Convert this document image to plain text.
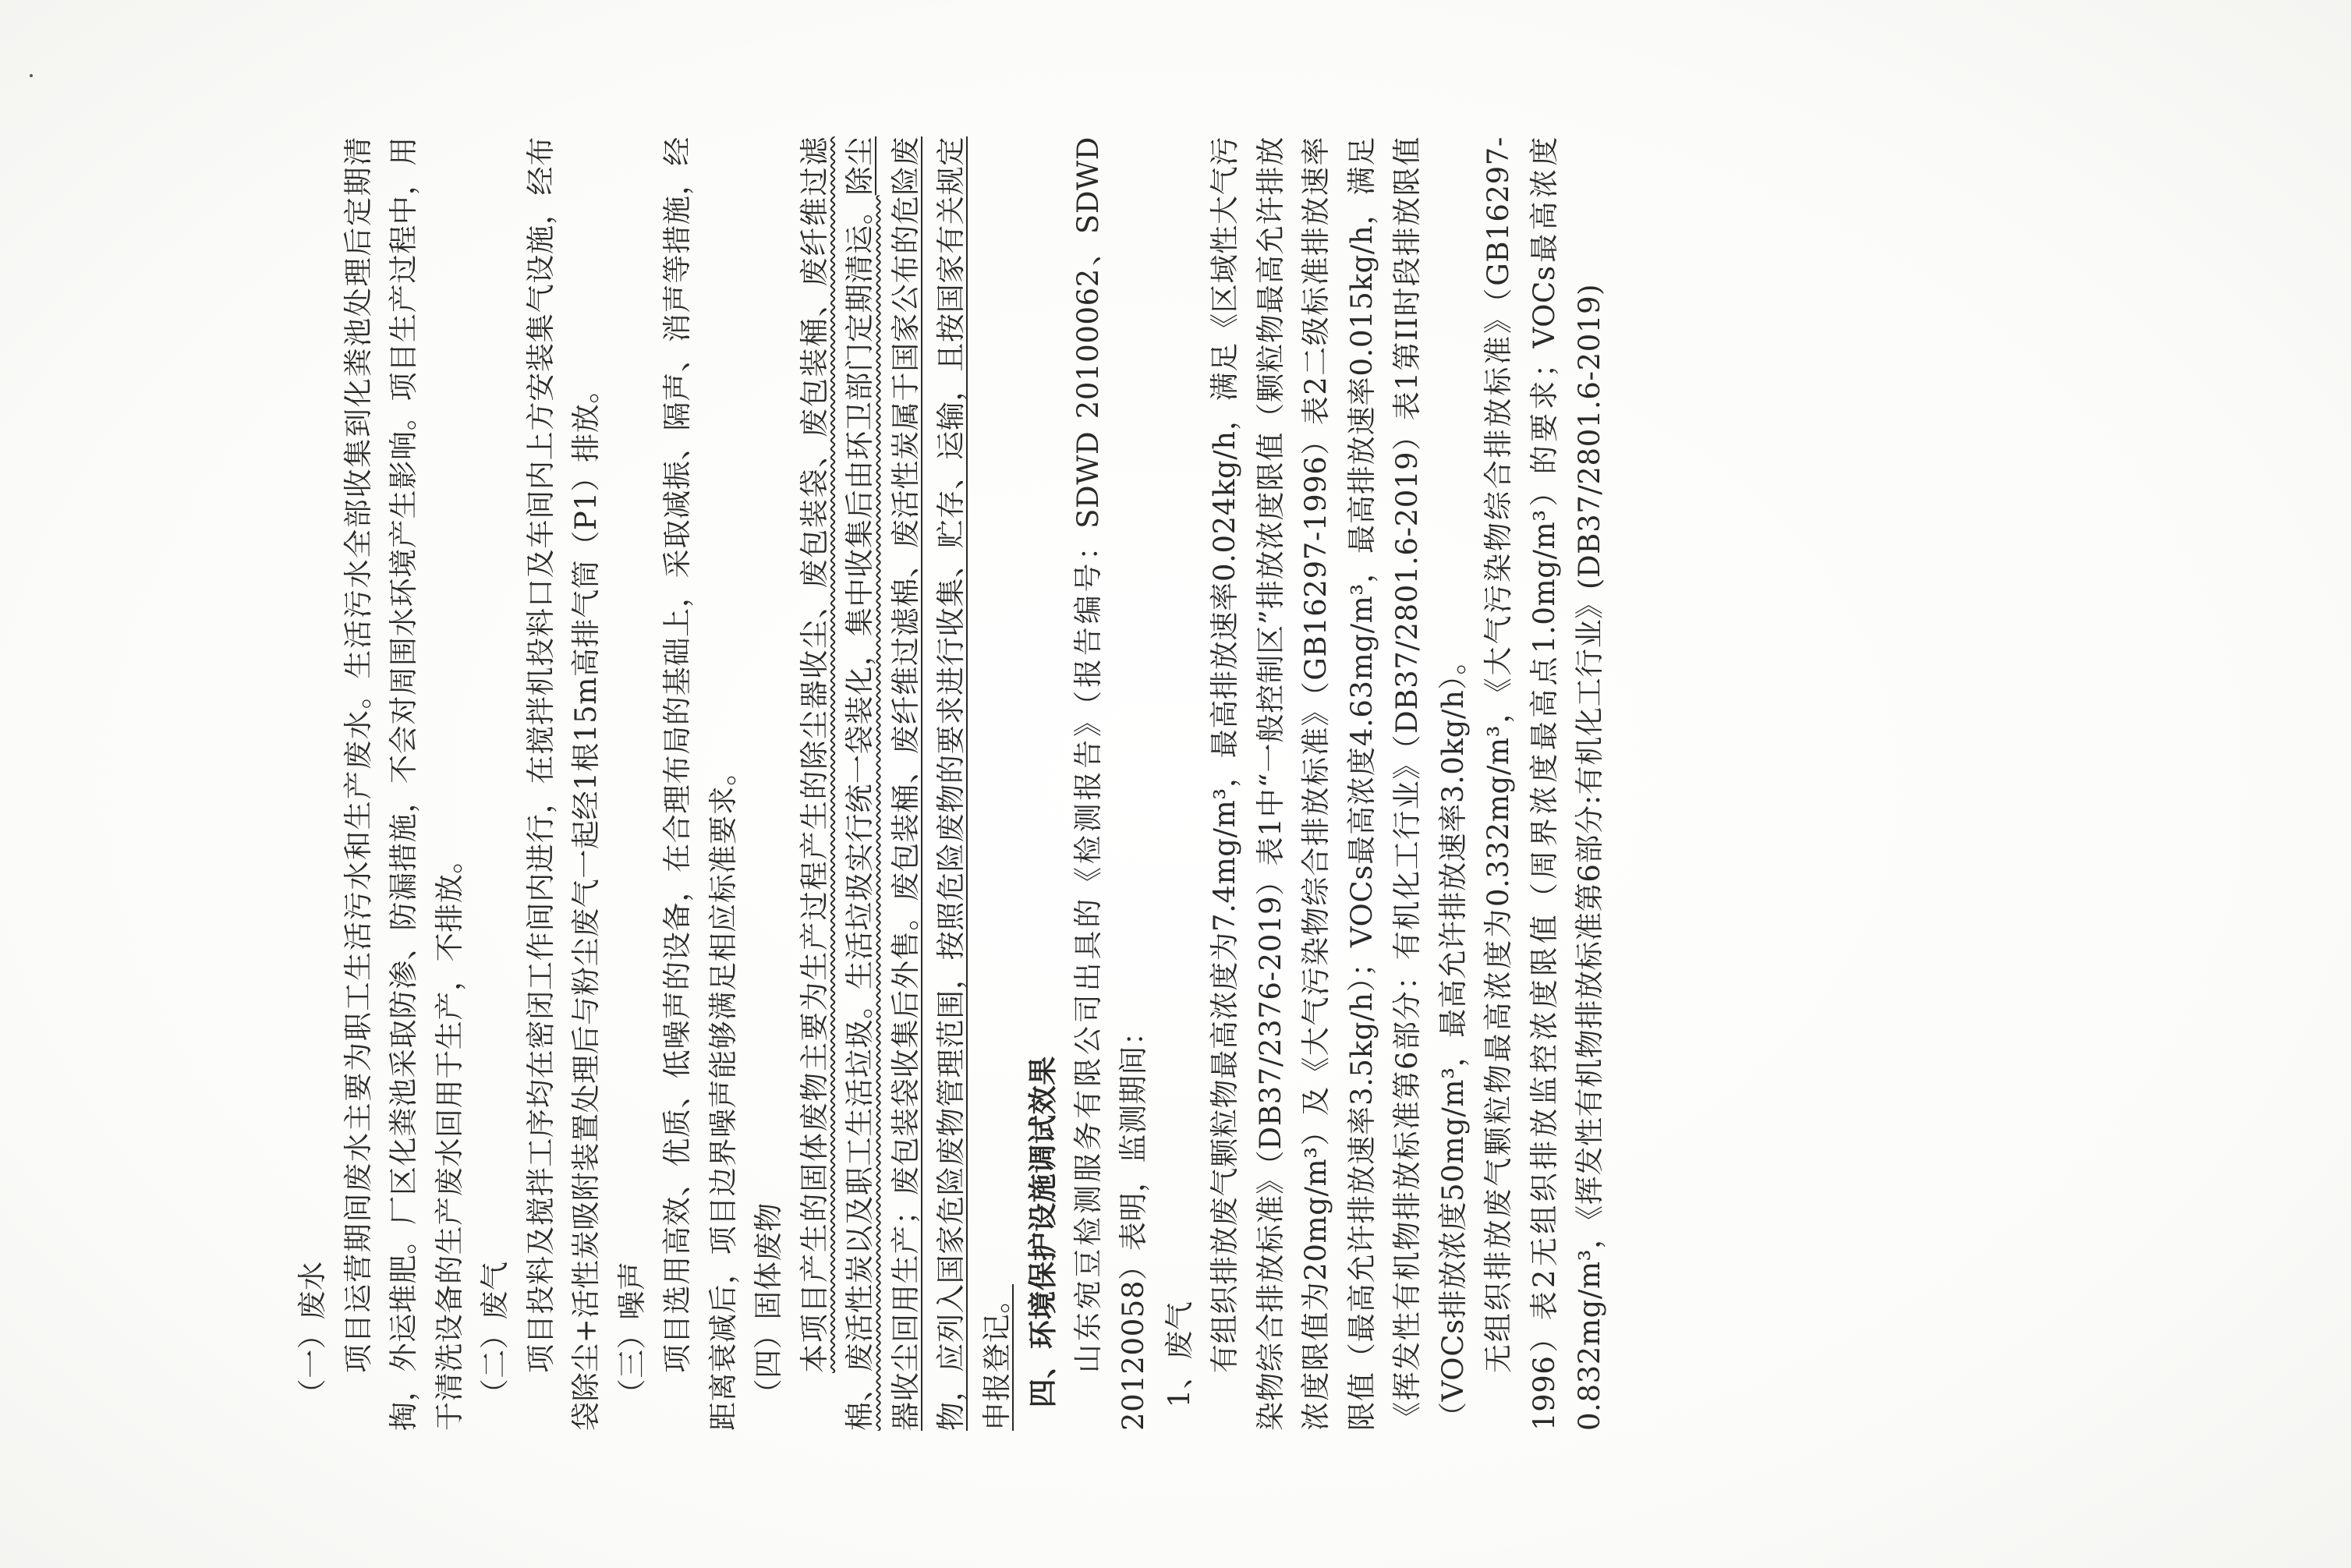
（一）废水 项目运营期间废水主要为职工生活污水和生产废水。生活污水全部收集到化粪池处理后定期清掏，外运堆肥。厂区化粪池采取防渗、防漏措施，不会对周围水环境产生影响。项目生产过程中，用于清洗设备的生产废水回用于生产，不排放。 （二）废气 项目投料及搅拌工序均在密闭工作间内进行，在搅拌机投料口及车间内上方安装集气设施，经布袋除尘+活性炭吸附装置处理后与粉尘废气一起经1根15m高排气筒（P1）排放。 （三）噪声 项目选用高效、优质、低噪声的设备，在合理布局的基础上，采取减振、隔声、消声等措施，经距离衰减后，项目边界噪声能够满足相应标准要求。 （四）固体废物 本项目产生的固体废物主要为生产过程产生的除尘器收尘、废包装袋、废包装桶、废纤维过滤棉、废活性炭以及职工生活垃圾。生活垃圾实行统一袋装化，集中收集后由环卫部门定期清运。除尘器收尘回用生产；废包装袋收集后外售。废包装桶、废纤维过滤棉、废活性炭属于国家公布的危险废物，应列入国家危险废物管理范围，按照危险废物的要求进行收集、贮存、运输，且按国家有关规定申报登记。 四、环境保护设施调试效果 山东宛豆检测服务有限公司出具的《检测报告》（报告编号：SDWD 20100062、SDWD 20120058）表明，监测期间： 1、废气 有组织排放废气颗粒物最高浓度为7.4mg/m³，最高排放速率0.024kg/h，满足《区域性大气污染物综合排放标准》（DB37/2376-2019）表1中“一般控制区”排放浓度限值（颗粒物最高允许排放浓度限值为20mg/m³）及《大气污染物综合排放标准》（GB16297-1996）表2二级标准排放速率限值（最高允许排放速率3.5kg/h）；VOCs最高浓度4.63mg/m³，最高排放速率0.015kg/h，满足《挥发性有机物排放标准第6部分：有机化工行业》（DB37/2801.6-2019）表1第II时段排放限值（VOCs排放浓度50mg/m³，最高允许排放速率3.0kg/h）。 无组织排放废气颗粒物最高浓度为0.332mg/m³，《大气污染物综合排放标准》（GB16297-1996）表2无组织排放监控浓度限值（周界浓度最高点1.0mg/m³）的要求；VOCs最高浓度0.832mg/m³，《挥发性有机物排放标准第6部分:有机化工行业》(DB37/2801.6-2019)
